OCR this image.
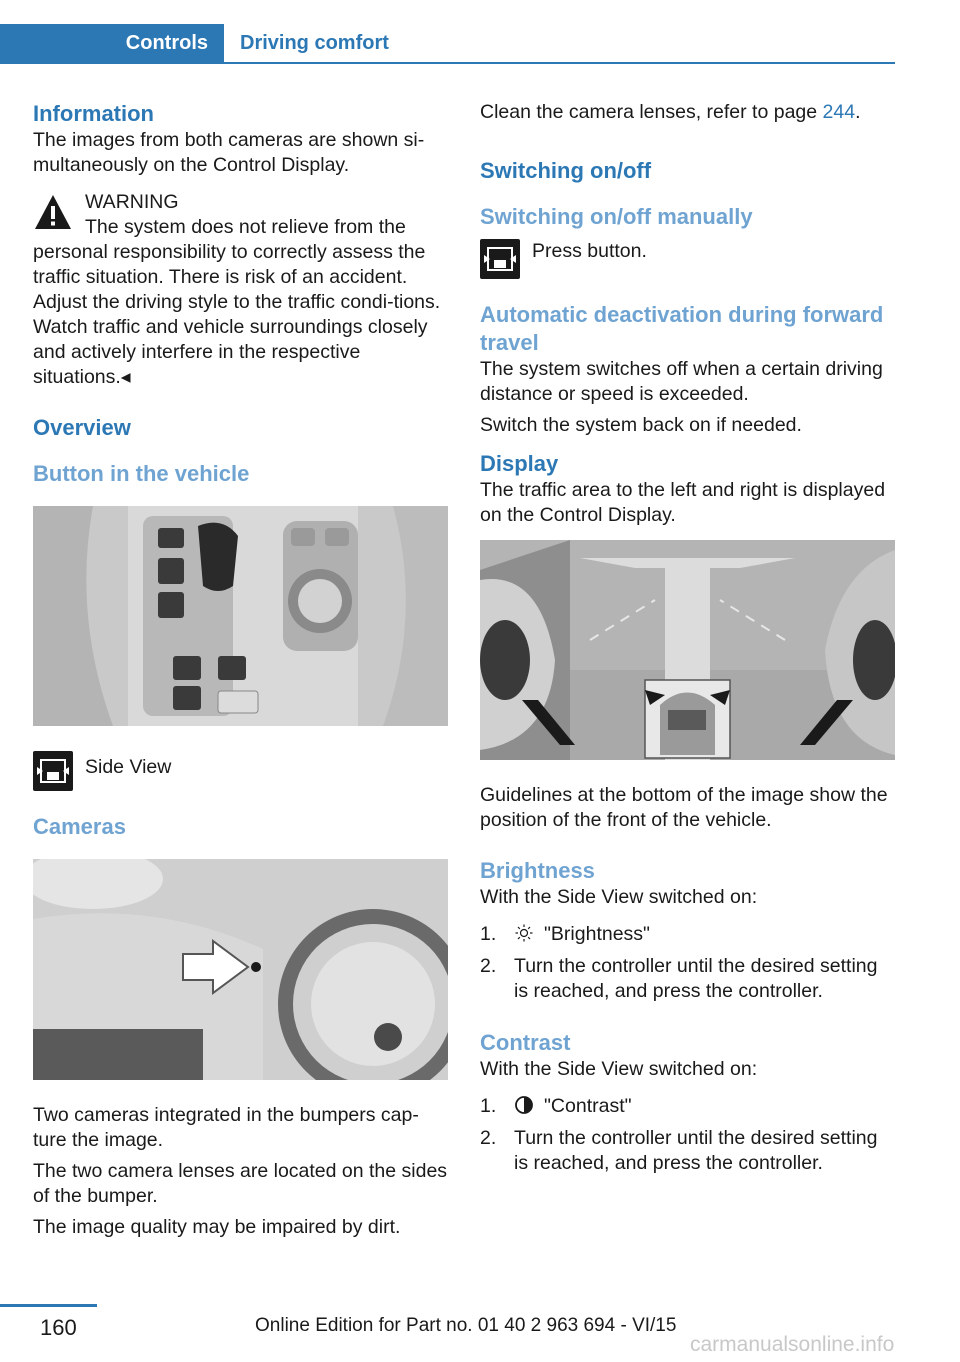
Controls	Driving comfort
Information

The images from both cameras are shown si-multaneously on the Control Display.

WARNING

The system does not relieve from the personal responsibility to correctly assess the traffic situation. There is risk of an accident. Adjust the driving style to the traffic condi-tions. Watch traffic and vehicle surroundings closely and actively interfere in the respective situations.◂

Overview
Button in the vehicle

Side View

Cameras

Two cameras integrated in the bumpers cap-ture the image.

The two camera lenses are located on the sides of the bumper.

The image quality may be impaired by dirt.

Clean the camera lenses, refer to page 244.

Switching on/off
Switching on/off manually

Press button.

Automatic deactivation during forward travel

The system switches off when a certain driving distance or speed is exceeded.

Switch the system back on if needed.

Display

The traffic area to the left and right is displayed on the Control Display.

Guidelines at the bottom of the image show the position of the front of the vehicle.

Brightness

With the Side View switched on:

1. "Brightness"
2. Turn the controller until the desired setting is reached, and press the controller.
Contrast

With the Side View switched on:

1. "Contrast"
2. Turn the controller until the desired setting is reached, and press the controller.
160	Online Edition for Part no. 01 40 2 963 694 - VI/15
carmanualsonline.info
